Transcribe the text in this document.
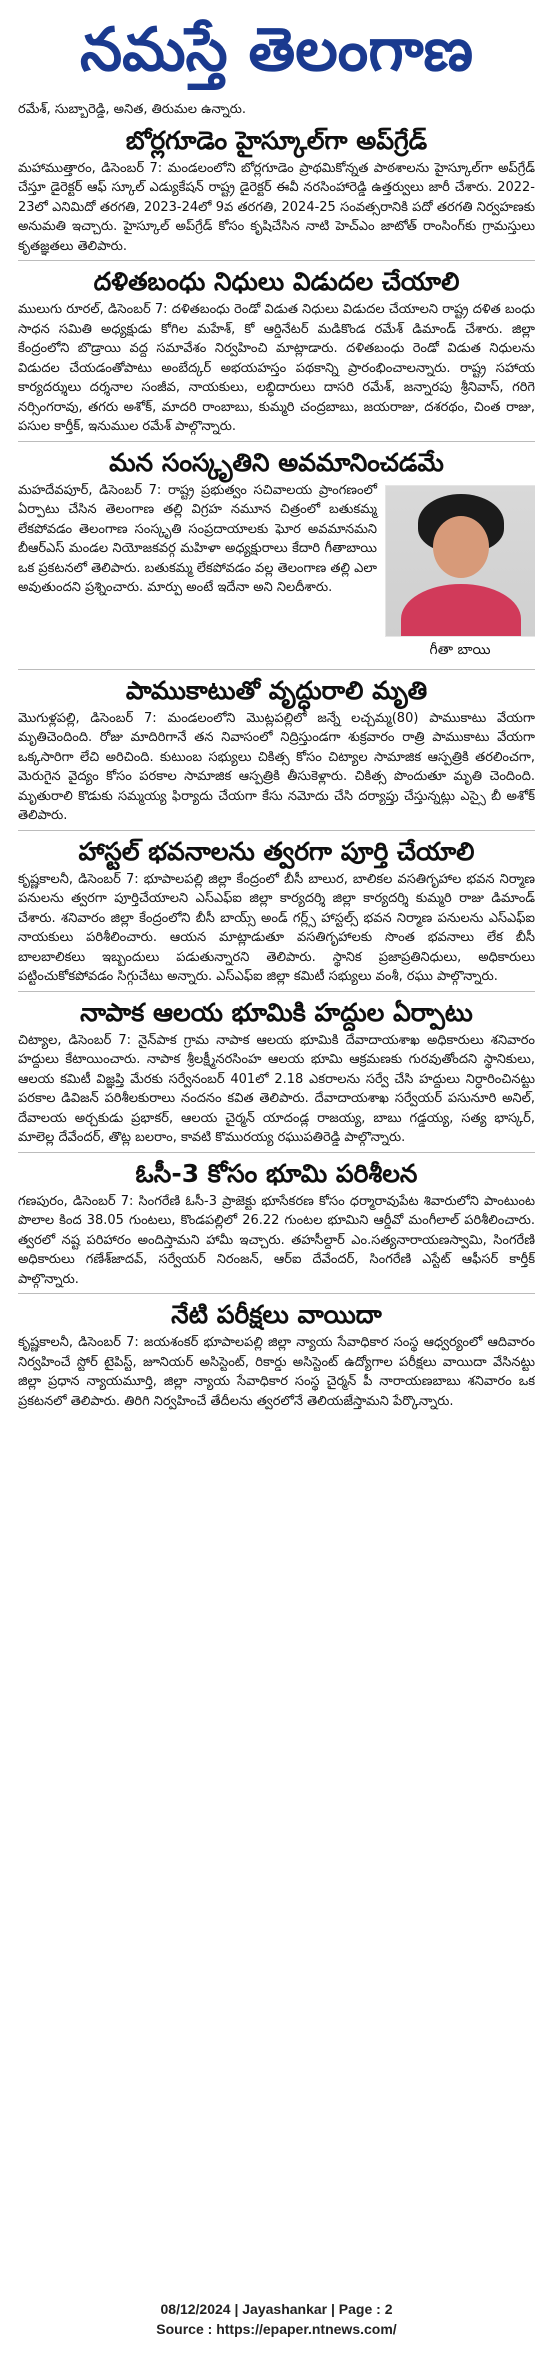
నమస్తే తెలంగాణ

రమేశ్‌, సుబ్బారెడ్డి, అనిత, తిరుమల ఉన్నారు.

బోర్లగూడెం హైస్కూల్‌గా అప్‌గ్రేడ్‌

మహాముత్తారం, డిసెంబర్‌ 7: మండలంలోని బోర్లగూడెం ప్రాథమికోన్నత పాఠశాలను హైస్కూల్‌గా అప్‌గ్రేడ్‌ చేస్తూ డైరెక్టర్‌ ఆఫ్‌ స్కూల్‌ ఎడ్యుకేషన్‌ రాష్ట్ర డైరెక్టర్‌ ఈవీ నరసింహారెడ్డి ఉత్తర్వులు జారీ చేశారు. 2022-23లో ఎనిమిదో తరగతి, 2023-24లో 9వ తరగతి, 2024-25 సంవత్సరానికి పదో తరగతి నిర్వహణకు అనుమతి ఇచ్చారు. హైస్కూల్‌ అప్‌గ్రేడ్‌ కోసం కృషిచేసిన నాటి హెచ్‌ఎం జాటోత్‌ రాంసింగ్‌కు గ్రామస్తులు కృతజ్ఞతలు తెలిపారు.

దళితబంధు నిధులు విడుదల చేయాలి

ములుగు రూరల్‌, డిసెంబర్‌ 7: దళితబంధు రెండో విడుత నిధులు విడుదల చేయాలని రాష్ట్ర దళిత బంధు సాధన సమితి అధ్యక్షుడు కోగిల మహేశ్‌, కో ఆర్డినేటర్‌ మడికొండ రమేశ్‌ డిమాండ్‌ చేశారు. జిల్లా కేంద్రంలోని బొడ్రాయి వద్ద సమావేశం నిర్వహించి మాట్లాడారు. దళితబంధు రెండో విడుత నిధులను విడుదల చేయడంతోపాటు అంబేద్కర్‌ అభయహస్తం పథకాన్ని ప్రారంభించాలన్నారు. రాష్ట్ర సహాయ కార్యదర్శులు దర్శనాల సంజీవ, నాయకులు, లబ్ధిదారులు దాసరి రమేశ్‌, జన్నారపు శ్రీనివాస్‌, గరిగె నర్సింగరావు, తగరు అశోక్‌, మాదరి రాంబాబు, కుమ్మరి చంద్రబాబు, జయరాజు, దశరథం, చింత రాజు, పసుల కార్తీక్‌, ఇనుముల రమేశ్‌ పాల్గొన్నారు.

మన సంస్కృతిని అవమానించడమే
గీతా బాయి

మహదేవపూర్‌, డిసెంబర్‌ 7: రాష్ట్ర ప్రభుత్వం సచివాలయ ప్రాంగణంలో ఏర్పాటు చేసిన తెలంగాణ తల్లి విగ్రహ నమూన చిత్రంలో బతుకమ్మ లేకపోవడం తెలంగాణ సంస్కృతి సంప్రదాయాలకు ఘోర అవమానమని బీఆర్‌ఎస్‌ మండల నియోజకవర్గ మహిళా అధ్యక్షురాలు కేదారి గీతాబాయి ఒక ప్రకటనలో తెలిపారు. బతుకమ్మ లేకపోవడం వల్ల తెలంగాణ తల్లి ఎలా అవుతుందని ప్రశ్నించారు. మార్పు అంటే ఇదేనా అని నిలదీశారు.

పాముకాటుతో వృద్ధురాలి మృతి

మొగుళ్లపల్లి, డిసెంబర్‌ 7: మండలంలోని మొట్లపల్లిలో జన్నే లచ్చమ్మ(80) పాముకాటు వేయగా మృతిచెందింది. రోజు మాదిరిగానే తన నివాసంలో నిద్రిస్తుండగా శుక్రవారం రాత్రి పాముకాటు వేయగా ఒక్కసారిగా లేచి అరిచింది. కుటుంబ సభ్యులు చికిత్స కోసం చిట్యాల సామాజిక ఆస్పత్రికి తరలించగా, మెరుగైన వైద్యం కోసం పరకాల సామాజిక ఆస్పత్రికి తీసుకెళ్లారు. చికిత్స పొందుతూ మృతి చెందింది. మృతురాలి కొడుకు సమ్మయ్య ఫిర్యాదు చేయగా కేసు నమోదు చేసి దర్యాప్తు చేస్తున్నట్లు ఎస్సై బీ అశోక్‌ తెలిపారు.

హాస్టల్‌ భవనాలను త్వరగా పూర్తి చేయాలి

కృష్ణకాలనీ, డిసెంబర్‌ 7: భూపాలపల్లి జిల్లా కేంద్రంలో బీసీ బాలుర, బాలికల వసతిగృహాల భవన నిర్మాణ పనులను త్వరగా పూర్తిచేయాలని ఎస్‌ఎఫ్‌ఐ జిల్లా కార్యదర్శి జిల్లా కార్యదర్శి కుమ్మరి రాజు డిమాండ్‌ చేశారు. శనివారం జిల్లా కేంద్రంలోని బీసీ బాయ్స్‌ అండ్‌ గర్ల్స్‌ హాస్టల్స్‌ భవన నిర్మాణ పనులను ఎస్‌ఎఫ్‌ఐ నాయకులు పరిశీలించారు. ఆయన మాట్లాడుతూ వసతిగృహాలకు సొంత భవనాలు లేక బీసీ బాలబాలికలు ఇబ్బందులు పడుతున్నారని తెలిపారు. స్థానిక ప్రజాప్రతినిధులు, అధికారులు పట్టించుకోకపోవడం సిగ్గుచేటు అన్నారు. ఎస్‌ఎఫ్‌ఐ జిల్లా కమిటీ సభ్యులు వంశీ, రఘు పాల్గొన్నారు.

నాపాక ఆలయ భూమికి హద్దుల ఏర్పాటు

చిట్యాల, డిసెంబర్‌ 7: నైన్‌పాక గ్రామ నాపాక ఆలయ భూమికి దేవాదాయశాఖ అధికారులు శనివారం హద్దులు కేటాయించారు. నాపాక శ్రీలక్ష్మీనరసింహ ఆలయ భూమి ఆక్రమణకు గురవుతోందని స్థానికులు, ఆలయ కమిటీ విజ్ఞప్తి మేరకు సర్వేనంబర్‌ 401లో 2.18 ఎకరాలను సర్వే చేసి హద్దులు నిర్ధారించినట్టు పరకాల డివిజన్‌ పరిశీలకురాలు నందనం కవిత తెలిపారు. దేవాదాయశాఖ సర్వేయర్‌ పసునూరి అనిల్‌, దేవాలయ అర్చకుడు ప్రభాకర్‌, ఆలయ చైర్మన్‌ యాదండ్ల రాజయ్య, బాబు గడ్డయ్య, సత్య భాస్కర్‌, మాలెల్ల దేవేందర్‌, తొట్ల బలరాం, కావటి కొమురయ్య రఘుపతిరెడ్డి పాల్గొన్నారు.

ఓసీ-3 కోసం భూమి పరిశీలన

గణపురం, డిసెంబర్‌ 7: సింగరేణి ఓసీ-3 ప్రాజెక్టు భూసేకరణ కోసం ధర్మారావుపేట శివారులోని పాంటుంట పొలాల కింద 38.05 గుంటలు, కొండపల్లిలో 26.22 గుంటల భూమిని ఆర్డీవో మంగీలాల్‌ పరిశీలించారు. త్వరలో నష్ట పరిహారం అందిస్తామని హామీ ఇచ్చారు. తహసీల్దార్‌ ఎం.సత్యనారాయణస్వామి, సింగరేణి అధికారులు గణేశ్‌జాదవ్‌, సర్వేయర్‌ నిరంజన్‌, ఆర్‌ఐ దేవేందర్‌, సింగరేణి ఎస్టేట్‌ ఆఫీసర్‌ కార్తీక్‌ పాల్గొన్నారు.

నేటి పరీక్షలు వాయిదా

కృష్ణకాలనీ, డిసెంబర్‌ 7: జయశంకర్‌ భూపాలపల్లి జిల్లా న్యాయ సేవాధికార సంస్థ ఆధ్వర్యంలో ఆదివారం నిర్వహించే స్టోర్‌ టైపిస్ట్‌, జూనియర్‌ అసిస్టెంట్‌, రికార్డు అసిస్టెంట్‌ ఉద్యోగాల పరీక్షలు వాయిదా వేసినట్టు జిల్లా ప్రధాన న్యాయమూర్తి, జిల్లా న్యాయ సేవాధికార సంస్థ చైర్మన్‌ పీ నారాయణబాబు శనివారం ఒక ప్రకటనలో తెలిపారు. తిరిగి నిర్వహించే తేదీలను త్వరలోనే తెలియజేస్తామని పేర్కొన్నారు.

08/12/2024 | Jayashankar | Page : 2
Source : https://epaper.ntnews.com/
